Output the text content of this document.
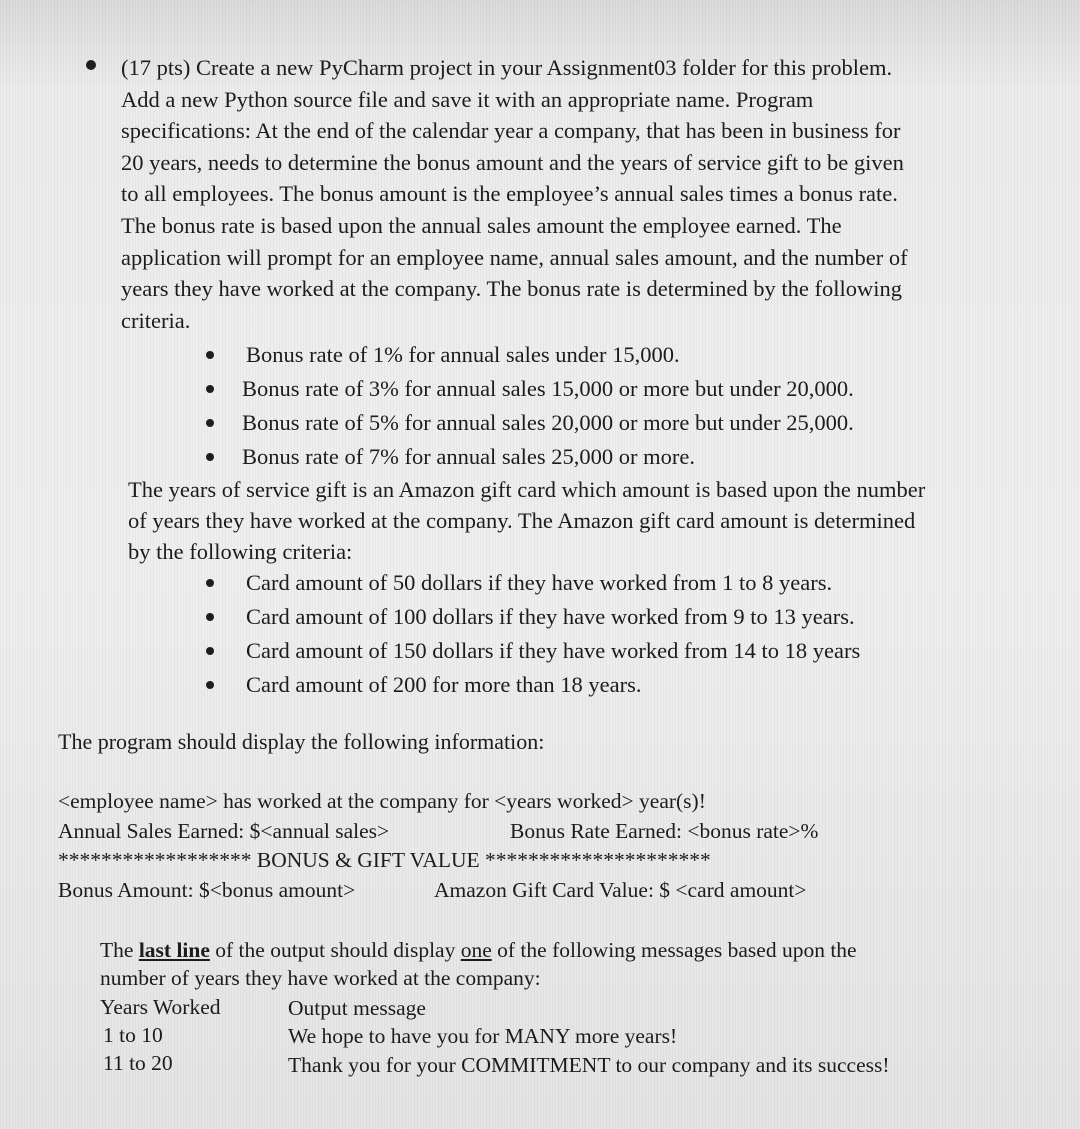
(17 pts) Create a new PyCharm project in your Assignment03 folder for this problem.
Add a new Python source file and save it with an appropriate name. Program
specifications: At the end of the calendar year a company, that has been in business for
20 years, needs to determine the bonus amount and the years of service gift to be given
to all employees. The bonus amount is the employee’s annual sales times a bonus rate.
The bonus rate is based upon the annual sales amount the employee earned. The
application will prompt for an employee name, annual sales amount, and the number of
years they have worked at the company. The bonus rate is determined by the following
criteria.
Bonus rate of 1% for annual sales under 15,000.
Bonus rate of 3% for annual sales 15,000 or more but under 20,000.
Bonus rate of 5% for annual sales 20,000 or more but under 25,000.
Bonus rate of 7% for annual sales 25,000 or more.
The years of service gift is an Amazon gift card which amount is based upon the number
of years they have worked at the company. The Amazon gift card amount is determined
by the following criteria:
Card amount of 50 dollars if they have worked from 1 to 8 years.
Card amount of 100 dollars if they have worked from 9 to 13 years.
Card amount of 150 dollars if they have worked from 14 to 18 years
Card amount of 200 for more than 18 years.
The program should display the following information:
<employee name> has worked at the company for <years worked> year(s)!
Annual Sales Earned: $<annual sales>	Bonus Rate Earned: <bonus rate>%
****************** BONUS & GIFT VALUE *********************
Bonus Amount: $<bonus amount>	Amazon Gift Card Value: $ <card amount>
The last line of the output should display one of the following messages based upon the
number of years they have worked at the company:
Years Worked	Output message
1 to 10	We hope to have you for MANY more years!
11 to 20	Thank you for your COMMITMENT to our company and its success!
